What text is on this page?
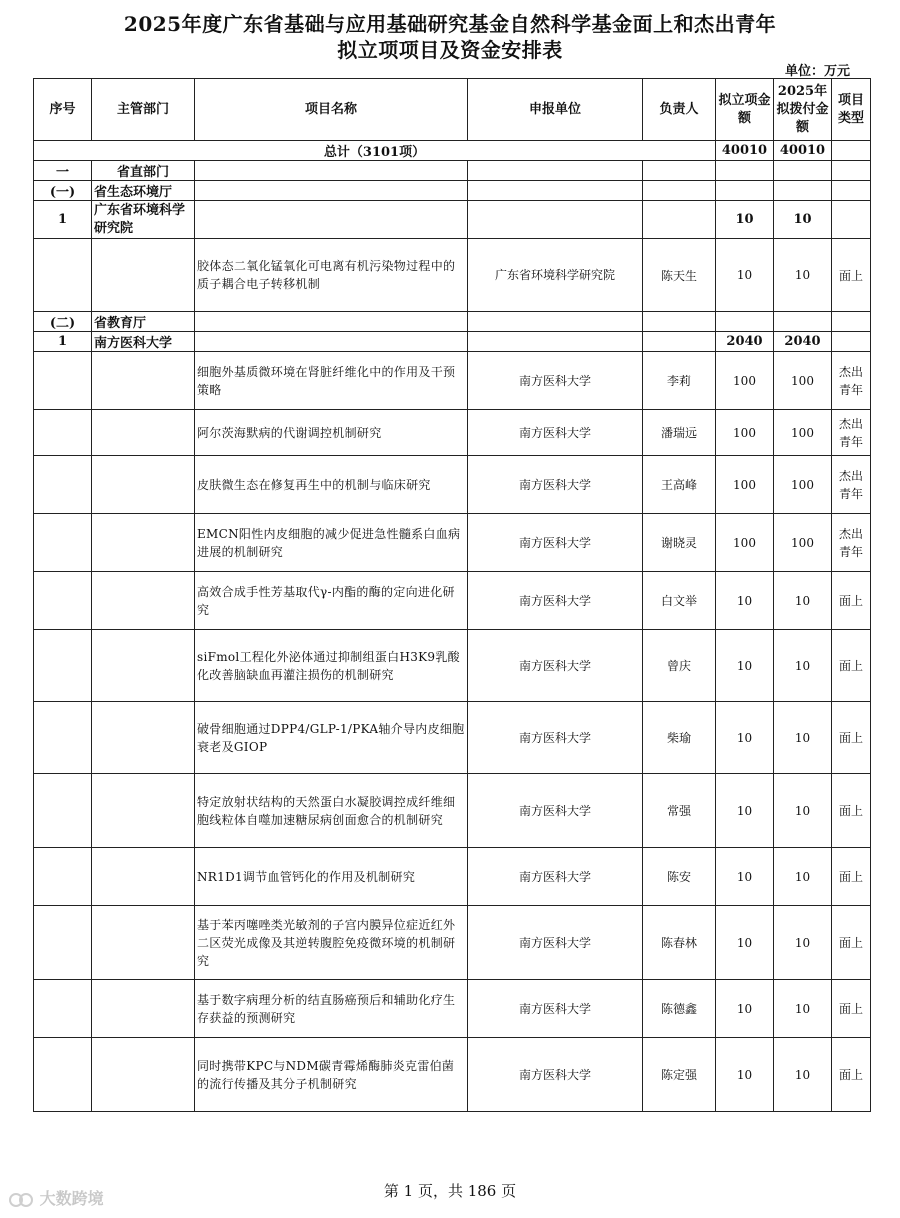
2025年度广东省基础与应用基础研究基金自然科学基金面上和杰出青年
拟立项项目及资金安排表
单位：万元
序号	主管部门	项目名称	申报单位	负责人	拟立项金额	2025年拟拨付金额	项目类型
总计（3101项）					40010	40010	
一	省直部门						
(一)	省生态环境厅						
1	广东省环境科学研究院				10	10	
		胶体态二氧化锰氧化可电离有机污染物过程中的质子耦合电子转移机制	广东省环境科学研究院	陈天生	10	10	面上
(二)	省教育厅						
1	南方医科大学				2040	2040	
		细胞外基质微环境在肾脏纤维化中的作用及干预策略	南方医科大学	李莉	100	100	杰出青年
		阿尔茨海默病的代谢调控机制研究	南方医科大学	潘瑞远	100	100	杰出青年
		皮肤微生态在修复再生中的机制与临床研究	南方医科大学	王高峰	100	100	杰出青年
		EMCN阳性内皮细胞的减少促进急性髓系白血病进展的机制研究	南方医科大学	谢晓灵	100	100	杰出青年
		高效合成手性芳基取代γ-内酯的酶的定向进化研究	南方医科大学	白文举	10	10	面上
		siFmol工程化外泌体通过抑制组蛋白H3K9乳酸化改善脑缺血再灌注损伤的机制研究	南方医科大学	曾庆	10	10	面上
		破骨细胞通过DPP4/GLP-1/PKA轴介导内皮细胞衰老及GIOP	南方医科大学	柴瑜	10	10	面上
		特定放射状结构的天然蛋白水凝胶调控成纤维细胞线粒体自噬加速糖尿病创面愈合的机制研究	南方医科大学	常强	10	10	面上
		NR1D1调节血管钙化的作用及机制研究	南方医科大学	陈安	10	10	面上
		基于苯丙噻唑类光敏剂的子宫内膜异位症近红外二区荧光成像及其逆转腹腔免疫微环境的机制研究	南方医科大学	陈春林	10	10	面上
		基于数字病理分析的结直肠癌预后和辅助化疗生存获益的预测研究	南方医科大学	陈德鑫	10	10	面上
		同时携带KPC与NDM碳青霉烯酶肺炎克雷伯菌的流行传播及其分子机制研究	南方医科大学	陈定强	10	10	面上
第 1 页，共 186 页
大数跨境
